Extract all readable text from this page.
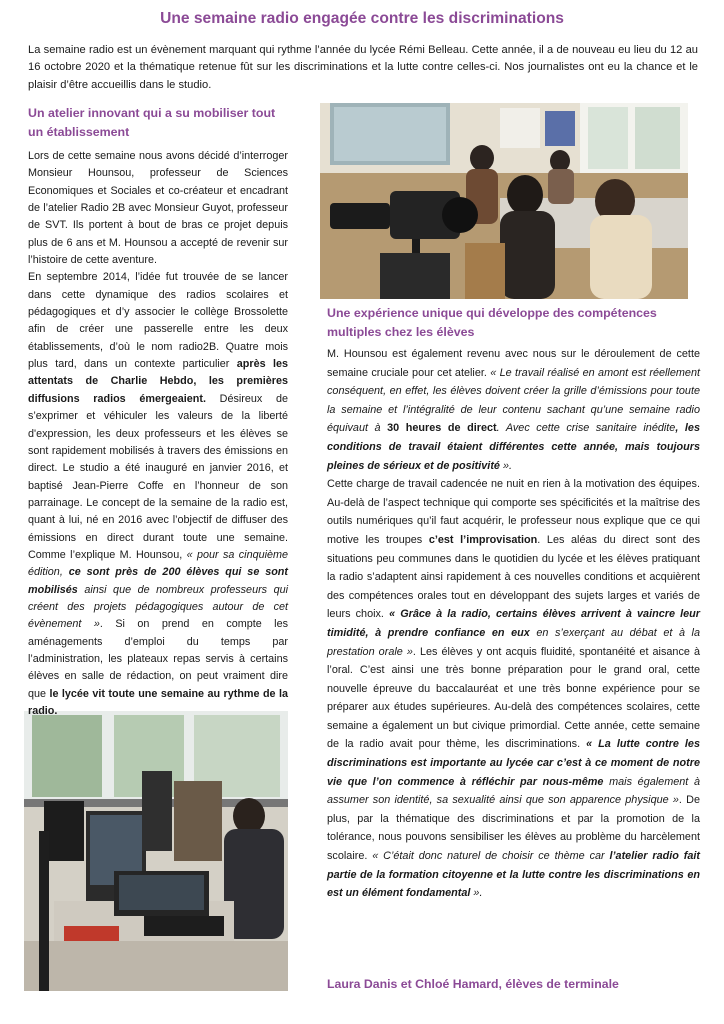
Une semaine radio engagée contre les discriminations
La semaine radio est un évènement marquant qui rythme l’année du lycée Rémi Belleau. Cette année, il a de nouveau eu lieu du 12 au 16 octobre 2020 et la thématique retenue fût sur les discriminations et la lutte contre celles-ci. Nos journalistes ont eu la chance et le plaisir d’être accueillis dans le studio.
Un atelier innovant qui a su mobiliser tout un établissement

Lors de cette semaine nous avons décidé d’interroger Monsieur Hounsou, professeur de Sciences Economiques et Sociales et co-créateur et encadrant de l’atelier Radio 2B avec Monsieur Guyot, professeur de SVT. Ils portent à bout de bras ce projet depuis plus de 6 ans et M. Hounsou a accepté de revenir sur l’histoire de cette aventure.

En septembre 2014, l’idée fut trouvée de se lancer dans cette dynamique des radios scolaires et pédagogiques et d’y associer le collège Brossolette afin de créer une passerelle entre les deux établissements, d’où le nom radio2B. Quatre mois plus tard, dans un contexte particulier après les attentats de Charlie Hebdo, les premières diffusions radios émergeaient. Désireux de s’exprimer et véhiculer les valeurs de la liberté d'expression, les deux professeurs et les élèves se sont rapidement mobilisés à travers des émissions en direct. Le studio a été inauguré en janvier 2016, et baptisé Jean-Pierre Coffe en l’honneur de son parrainage. Le concept de la semaine de la radio est, quant à lui, né en 2016 avec l’objectif de diffuser des émissions en direct durant toute une semaine. Comme l’explique M. Hounsou, « pour sa cinquième édition, ce sont près de 200 élèves qui se sont mobilisés ainsi que de nombreux professeurs qui créent des projets pédagogiques autour de cet évènement ». Si on prend en compte les aménagements d’emploi du temps par l’administration, les plateaux repas servis à certains élèves en salle de rédaction, on peut vraiment dire que le lycée vit toute une semaine au rythme de la radio.

Une expérience unique qui développe des compétences multiples chez les élèves

M. Hounsou est également revenu avec nous sur le déroulement de cette semaine cruciale pour cet atelier. « Le travail réalisé en amont est réellement conséquent, en effet, les élèves doivent créer la grille d’émissions pour toute la semaine et l’intégralité de leur contenu sachant qu’une semaine radio équivaut à 30 heures de direct. Avec cette crise sanitaire inédite, les conditions de travail étaient différentes cette année, mais toujours pleines de sérieux et de positivité ».

Cette charge de travail cadencée ne nuit en rien à la motivation des équipes. Au-delà de l’aspect technique qui comporte ses spécificités et la maîtrise des outils numériques qu’il faut acquérir, le professeur nous explique que ce qui motive les troupes c’est l’improvisation. Les aléas du direct sont des situations peu communes dans le quotidien du lycée et les élèves pratiquant la radio s’adaptent ainsi rapidement à ces nouvelles conditions et acquièrent des compétences orales tout en développant des sujets larges et variés de leurs choix. « Grâce à la radio, certains élèves arrivent à vaincre leur timidité, à prendre confiance en eux en s’exerçant au débat et à la prestation orale ». Les élèves y ont acquis fluidité, spontanéité et aisance à l’oral. C’est ainsi une très bonne préparation pour le grand oral, cette nouvelle épreuve du baccalauréat et une très bonne expérience pour se préparer aux études supérieures. Au-delà des compétences scolaires, cette semaine a également un but civique primordial. Cette année, cette semaine de la radio avait pour thème, les discriminations. « La lutte contre les discriminations est importante au lycée car c’est à ce moment de notre vie que l’on commence à réfléchir par nous-même mais également à assumer son identité, sa sexualité ainsi que son apparence physique ». De plus, par la thématique des discriminations et par la promotion de la tolérance, nous pouvons sensibiliser les élèves au problème du harcèlement scolaire. « C’était donc naturel de choisir ce thème car l’atelier radio fait partie de la formation citoyenne et la lutte contre les discriminations en est un élément fondamental ».

Laura Danis et Chloé Hamard, élèves de terminale
